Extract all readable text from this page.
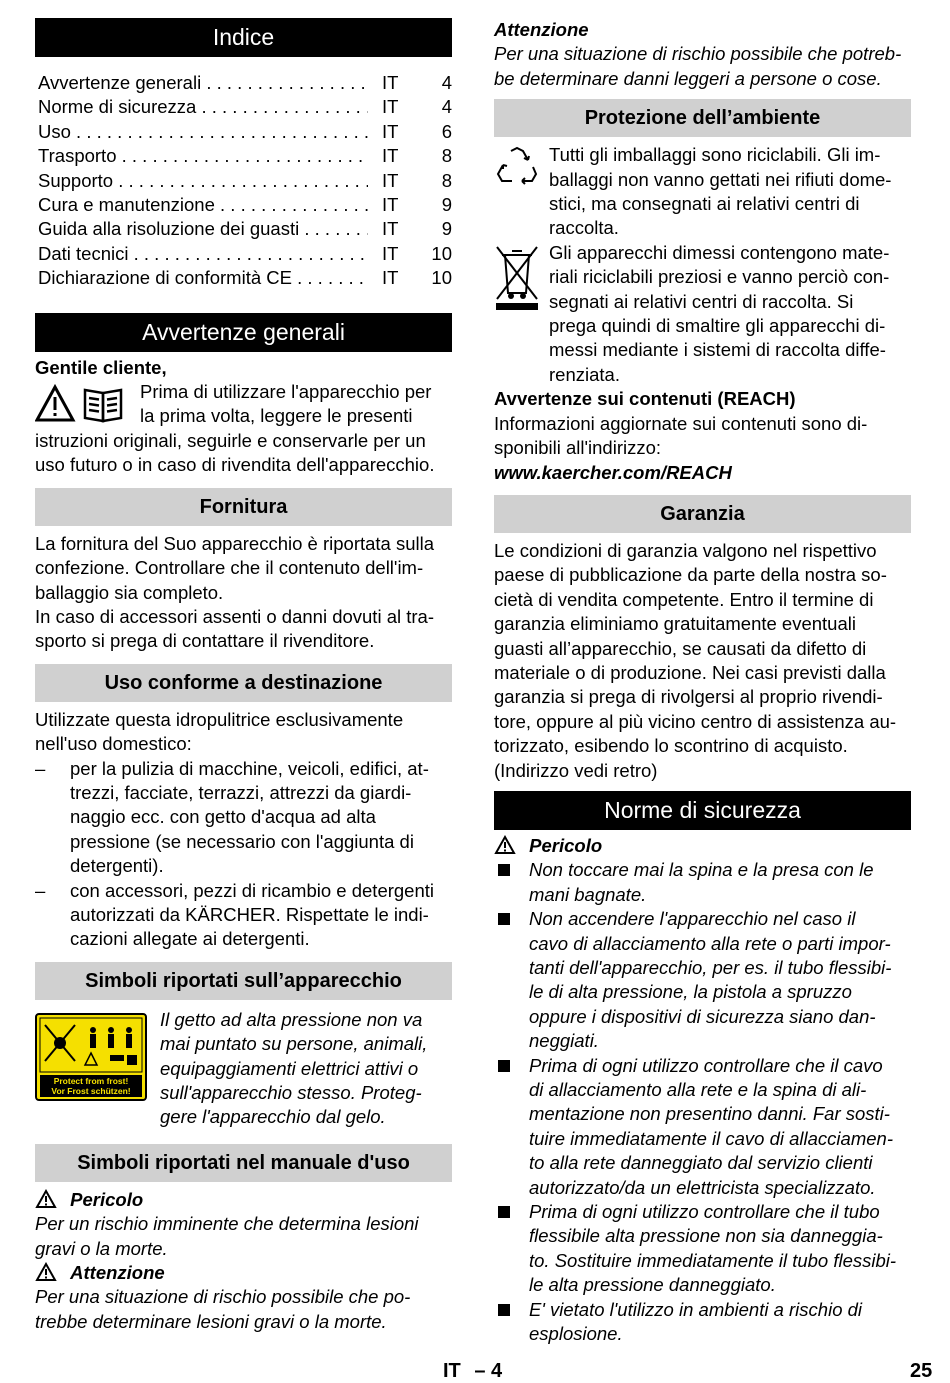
Indice
Avvertenze generali . . .	IT	4
Norme di sicurezza . . .	IT	4
Uso . . .	IT	6
Trasporto . . .	IT	8
Supporto . . .	IT	8
Cura e manutenzione . . .	IT	9
Guida alla risoluzione dei guasti . . .	IT	9
Dati tecnici . . .	IT	10
Dichiarazione di conformità CE . . .	IT	10
Avvertenze generali

Gentile cliente,

Prima di utilizzare l'apparecchio per

la prima volta, leggere le presenti

istruzioni originali, seguirle e conservarle per un

uso futuro o in caso di rivendita dell'apparecchio.

Fornitura

La fornitura del Suo apparecchio è riportata sulla

confezione. Controllare che il contenuto dell'im-

ballaggio sia completo.

In caso di accessori assenti o danni dovuti al tra-

sporto si prega di contattare il rivenditore.

Uso conforme a destinazione

Utilizzate questa idropulitrice esclusivamente

nell'uso domestico:

–	per la pulizia di macchine, veicoli, edifici, at-

trezzi, facciate, terrazzi, attrezzi da giardi-

naggio ecc. con getto d'acqua ad alta

pressione (se necessario con l'aggiunta di

detergenti).

–	con accessori, pezzi di ricambio e detergenti

autorizzati da KÄRCHER. Rispettate le indi-

cazioni allegate ai detergenti.

Simboli riportati sull’apparecchio
Protect from frost!
Vor Frost schützen!

Il getto ad alta pressione non va

mai puntato su persone, animali,

equipaggiamenti elettrici attivi o

sull'apparecchio stesso. Proteg-

gere l'apparecchio dal gelo.

Simboli riportati nel manuale d'uso

Pericolo

Per un rischio imminente che determina lesioni

gravi o la morte.

Attenzione

Per una situazione di rischio possibile che po-

trebbe determinare lesioni gravi o la morte.

Attenzione

Per una situazione di rischio possibile che potreb-

be determinare danni leggeri a persone o cose.

Protezione dell’ambiente

Tutti gli imballaggi sono riciclabili. Gli im-

ballaggi non vanno gettati nei rifiuti dome-

stici, ma consegnati ai relativi centri di

raccolta.

Gli apparecchi dimessi contengono mate-

riali riciclabili preziosi e vanno perciò con-

segnati ai relativi centri di raccolta. Si

prega quindi di smaltire gli apparecchi di-

messi mediante i sistemi di raccolta diffe-

renziata.

Avvertenze sui contenuti (REACH)

Informazioni aggiornate sui contenuti sono di-

sponibili all'indirizzo:

www.kaercher.com/REACH

Garanzia

Le condizioni di garanzia valgono nel rispettivo

paese di pubblicazione da parte della nostra so-

cietà di vendita competente. Entro il termine di

garanzia eliminiamo gratuitamente eventuali

guasti all’apparecchio, se causati da difetto di

materiale o di produzione. Nei casi previsti dalla

garanzia si prega di rivolgersi al proprio rivendi-

tore, oppure al più vicino centro di assistenza au-

torizzato, esibendo lo scontrino di acquisto.

(Indirizzo vedi retro)

Norme di sicurezza

Pericolo

Non toccare mai la spina e la presa con le

mani bagnate.

Non accendere l'apparecchio nel caso il

cavo di allacciamento alla rete o parti impor-

tanti dell'apparecchio, per es. il tubo flessibi-

le di alta pressione, la pistola a spruzzo

oppure i dispositivi di sicurezza siano dan-

neggiati.

Prima di ogni utilizzo controllare che il cavo

di allacciamento alla rete e la spina di ali-

mentazione non presentino danni. Far sosti-

tuire immediatamente il cavo di allacciamen-

to alla rete danneggiato dal servizio clienti

autorizzato/da un elettricista specializzato.

Prima di ogni utilizzo controllare che il tubo

flessibile alta pressione non sia danneggia-

to. Sostituire immediatamente il tubo flessibi-

le alta pressione danneggiato.

E' vietato l'utilizzo in ambienti a rischio di

esplosione.

IT – 4	25
